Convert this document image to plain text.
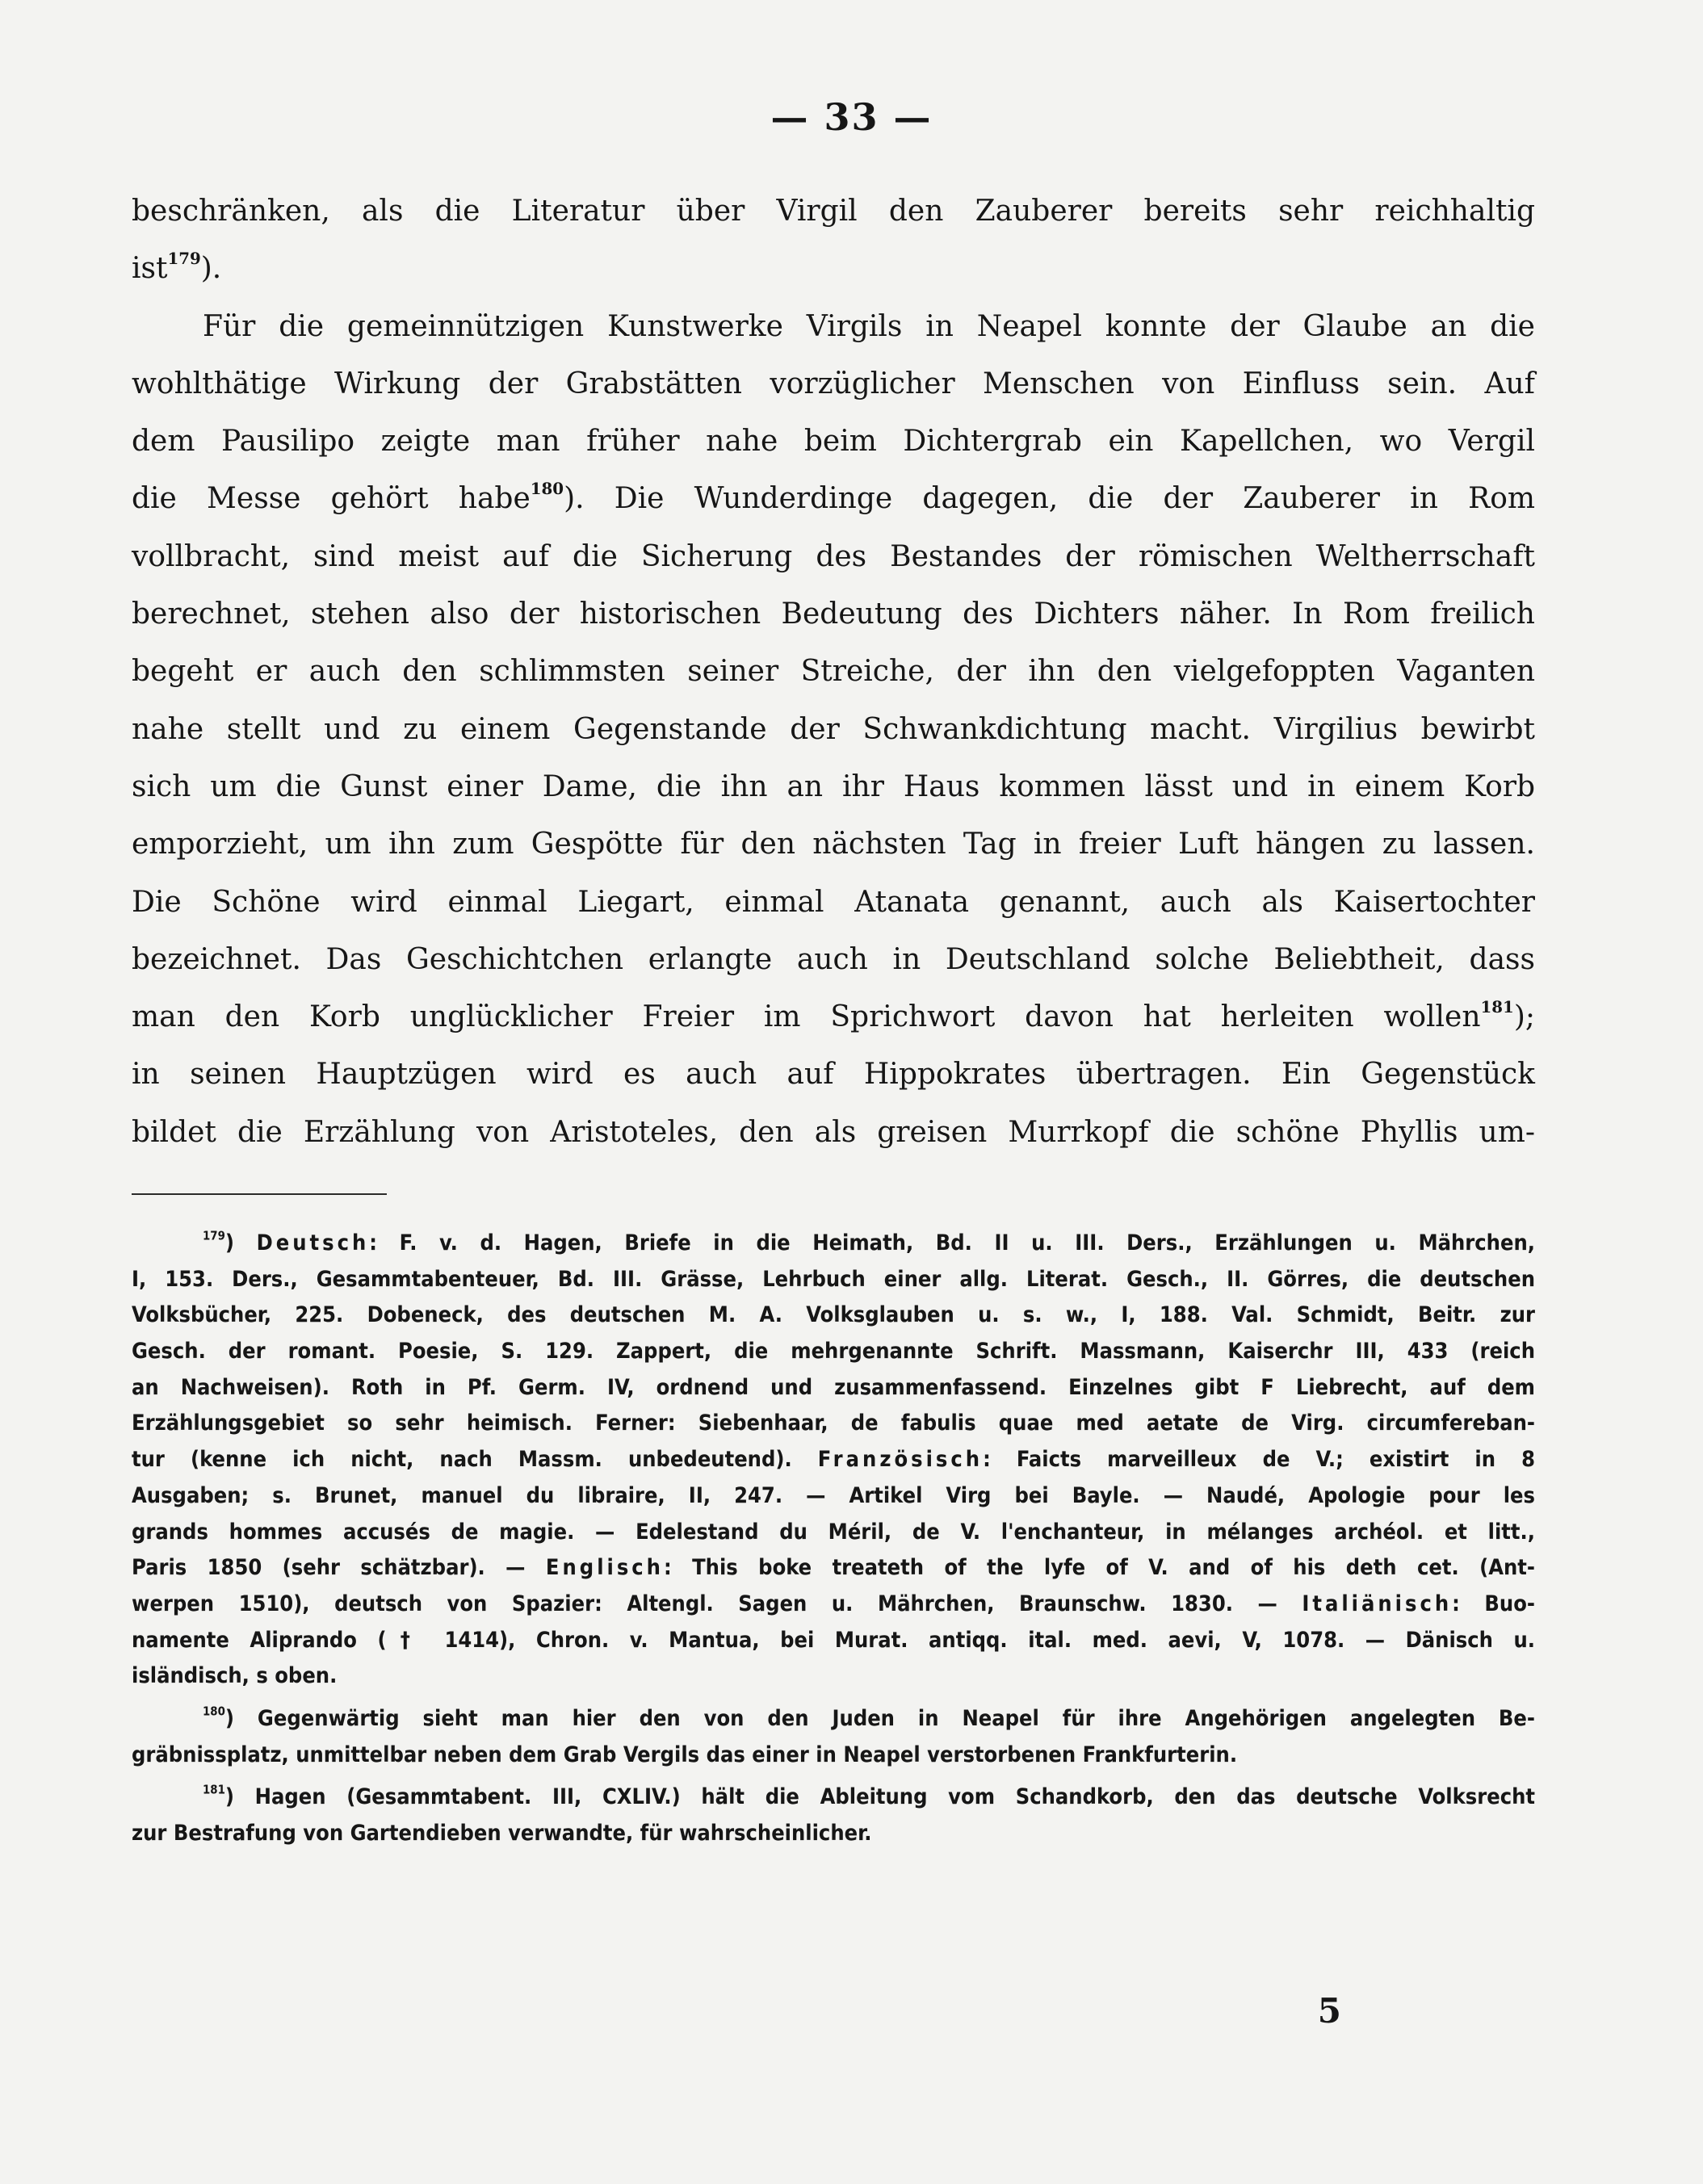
— 33 —
beschränken, als die Literatur über Virgil den Zauberer bereits sehr reichhaltig
ist$^{179}$).
Für die gemeinnützigen Kunstwerke Virgils in Neapel konnte der Glaube an die
wohlthätige Wirkung der Grabstätten vorzüglicher Menschen von Einfluss sein. Auf
dem Pausilipo zeigte man früher nahe beim Dichtergrab ein Kapellchen, wo Vergil
die Messe gehört habe$^{180}$). Die Wunderdinge dagegen, die der Zauberer in Rom
vollbracht, sind meist auf die Sicherung des Bestandes der römischen Weltherrschaft
berechnet, stehen also der historischen Bedeutung des Dichters näher. In Rom freilich
begeht er auch den schlimmsten seiner Streiche, der ihn den vielgefoppten Vaganten
nahe stellt und zu einem Gegenstande der Schwankdichtung macht. Virgilius bewirbt
sich um die Gunst einer Dame, die ihn an ihr Haus kommen lässt und in einem Korb
emporzieht, um ihn zum Gespötte für den nächsten Tag in freier Luft hängen zu lassen.
Die Schöne wird einmal Liegart, einmal Atanata genannt, auch als Kaisertochter
bezeichnet. Das Geschichtchen erlangte auch in Deutschland solche Beliebtheit, dass
man den Korb unglücklicher Freier im Sprichwort davon hat herleiten wollen$^{181}$);
in seinen Hauptzügen wird es auch auf Hippokrates übertragen. Ein Gegenstück
bildet die Erzählung von Aristoteles, den als greisen Murrkopf die schöne Phyllis um-
$^{179}$) Deutsch: F. v. d. Hagen, Briefe in die Heimath, Bd. II u. III. Ders., Erzählungen u. Mährchen,
I, 153. Ders., Gesammtabenteuer, Bd. III. Grässe, Lehrbuch einer allg. Literat. Gesch., II. Görres, die deutschen
Volksbücher, 225. Dobeneck, des deutschen M. A. Volksglauben u. s. w., I, 188. Val. Schmidt, Beitr. zur
Gesch. der romant. Poesie, S. 129. Zappert, die mehrgenannte Schrift. Massmann, Kaiserchr III, 433 (reich
an Nachweisen). Roth in Pf. Germ. IV, ordnend und zusammenfassend. Einzelnes gibt F Liebrecht, auf dem
Erzählungsgebiet so sehr heimisch. Ferner: Siebenhaar, de fabulis quae med aetate de Virg. circumfereban-
tur (kenne ich nicht, nach Massm. unbedeutend). Französisch: Faicts marveilleux de V.; existirt in 8
Ausgaben; s. Brunet, manuel du libraire, II, 247. — Artikel Virg bei Bayle. — Naudé, Apologie pour les
grands hommes accusés de magie. — Edelestand du Méril, de V. l'enchanteur, in mélanges archéol. et litt.,
Paris 1850 (sehr schätzbar). — Englisch: This boke treateth of the lyfe of V. and of his deth cet. (Ant-
werpen 1510), deutsch von Spazier: Altengl. Sagen u. Mährchen, Braunschw. 1830. — Italiänisch: Buo-
namente Aliprando († 1414), Chron. v. Mantua, bei Murat. antiqq. ital. med. aevi, V, 1078. — Dänisch u.
isländisch, s oben.
$^{180}$) Gegenwärtig sieht man hier den von den Juden in Neapel für ihre Angehörigen angelegten Be-
gräbnissplatz, unmittelbar neben dem Grab Vergils das einer in Neapel verstorbenen Frankfurterin.
$^{181}$) Hagen (Gesammtabent. III, CXLIV.) hält die Ableitung vom Schandkorb, den das deutsche Volksrecht
zur Bestrafung von Gartendieben verwandte, für wahrscheinlicher.
5
